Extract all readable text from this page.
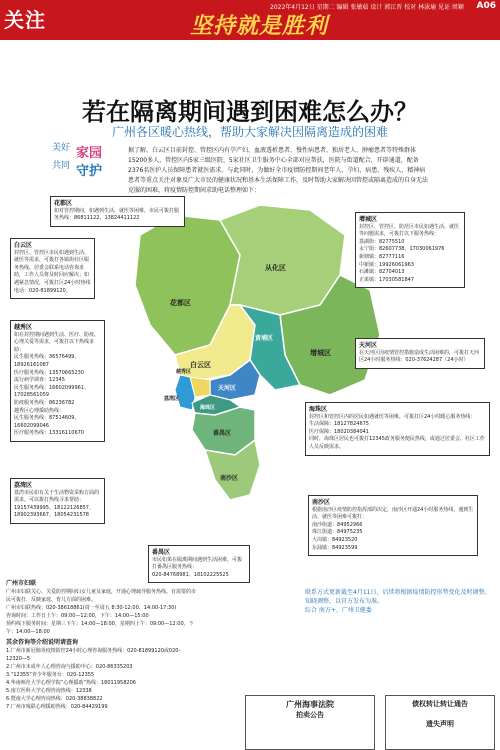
关注	坚持就是胜利
2022年4月12日 星期二 编辑 张敏茹 设计 郭江晋 校对 林泳瑜 见证 周颖 A06
若在隔离期间遇到困难怎么办？
广州各区暖心热线，帮助大家解决因隔离造成的困难
美好 家园
共同 守护
据了解，白云区目前封控、管控区内有孕产妇、血液透析患者、慢性病患者、独居老人、肿瘤患者等特殊群体15200多人，管控区内5家三级医院、5家社区卫生服务中心全部对应帮扶，医院与街道配合，开辟通道，配备2376名医护人员保障患者就医需求。与此同时，为做好全市疫情防控期间老年人、孕妇、病患、残疾人、精神病患者等重点关注对象及广大市民的健康状况和基本生活保障工作，及时帮助大家解决因管控或隔离造成的自身无法克服的困难，将疫情防控期间求助电话整理如下：
花都区
从化区
白云区
增城区
黄埔区
天河区
越秀区
荔湾区
海珠区
番禺区
南沙区
花都区
如对管控期间，如遇到生活、就医等困难，市民可拨打服务热线：86811122、13824411122
白云区
封控区、管控区市民如遇到生活、就医等需求，可拨打各镇街社区服务热线，居委会联系电话咨询求助，工作人员将及时回应解决；如遇紧急情况，可拨打区24小时热线电话：020-81899120。
越秀区
如在封控期间遇到生活、医疗、防疫、心理关爱等需求，可拨打以下热线求助：
民生服务热线：36576499、18926161087
医疗服务热线：13570665230
流行病学调查：12345
民生服务热线：16602099961、17028561059
防疫服务热线：86236782
越秀区心理援助热线：
民生服务热线：87514609、16602099046
医疗服务热线：13316110670
荔湾区
荔湾市民如有关于生活物资采购方面的需求，可以拨打热线寻求帮助：
19157439995、18122126857、18902393667、18054231578
增城区
封控区、管控区、防范区市民如遇生活、就医等问题需求，可拨打以下服务热线：
荔湖街：82775510
永宁街：82607738、17030061976
新塘镇：82777116
中新镇：19926061963
石滩镇：82704013
正果镇：17030581847
天河区
在天河区因疫情管控措施造成生活困难的，可拨打天河区24小时服务热线：020-37624287（24小时）
海珠区
封控区和管控区内的居民如遇就医等困难，可拨打区24小时暖心服务热线：
生活保障：18127824675
医疗保障：18020384041
同时，海珠区居民也可拨打12345政务服务便民热线，或通过居委会、社区工作人员反映需求。
南沙区
根据南沙区疫情防控指挥部的决定，南沙区开通24小时服务热线，遇到生活、就医等困难可拨打：
南沙街道：84952966
珠江街道：84975235
大岗镇：84923520
东涌镇：84923599
番禺区
市民如果在隔离期间遇到生活困难，可拨打番禺区服务热线：
020-84768981、18102225525
联系方式更新截至4月11日，后续将根据疫情防控形势变化及时调整。知晓调整，以官方发布为准。
综合 南方+、广州卫健委
广州市妇联
广州市妇联关心、关爱防控期间妇女儿童及家庭，开通心理疏导服务热线。有需要的市民可拨打，反映家庭、育儿方面的困难。
广州市妇联热线：020-38618861(周一至周五 8:30-12:00、14:00-17:30)
咨询时间：工作日上午：09:00—12:00，下午：14:00—15:00
预约线下服务时间：星期三下午：14:00—18:00，星期四上午：09:00—12:00，下午：14:00—18:00
其余咨询等介绍说明请查询
1.广州市新冠肺炎疫情防控24小时心理咨询服务热线：020-81899120或020-12320—5
2.广州市未成年人心理咨询与援助中心：020-86335203
3.“12355”青少年服务台：020-12355
4.华南师范大学心理学院“心理援助”热线：18011958206
5.南方医科大学心理咨询热线：12338
6.暨南大学心理咨询热线：020-38838822
7.广州市残联心理援助热线：020-84429199	广州海事法院
拍卖公告
债权转让转让通告
遗失声明
